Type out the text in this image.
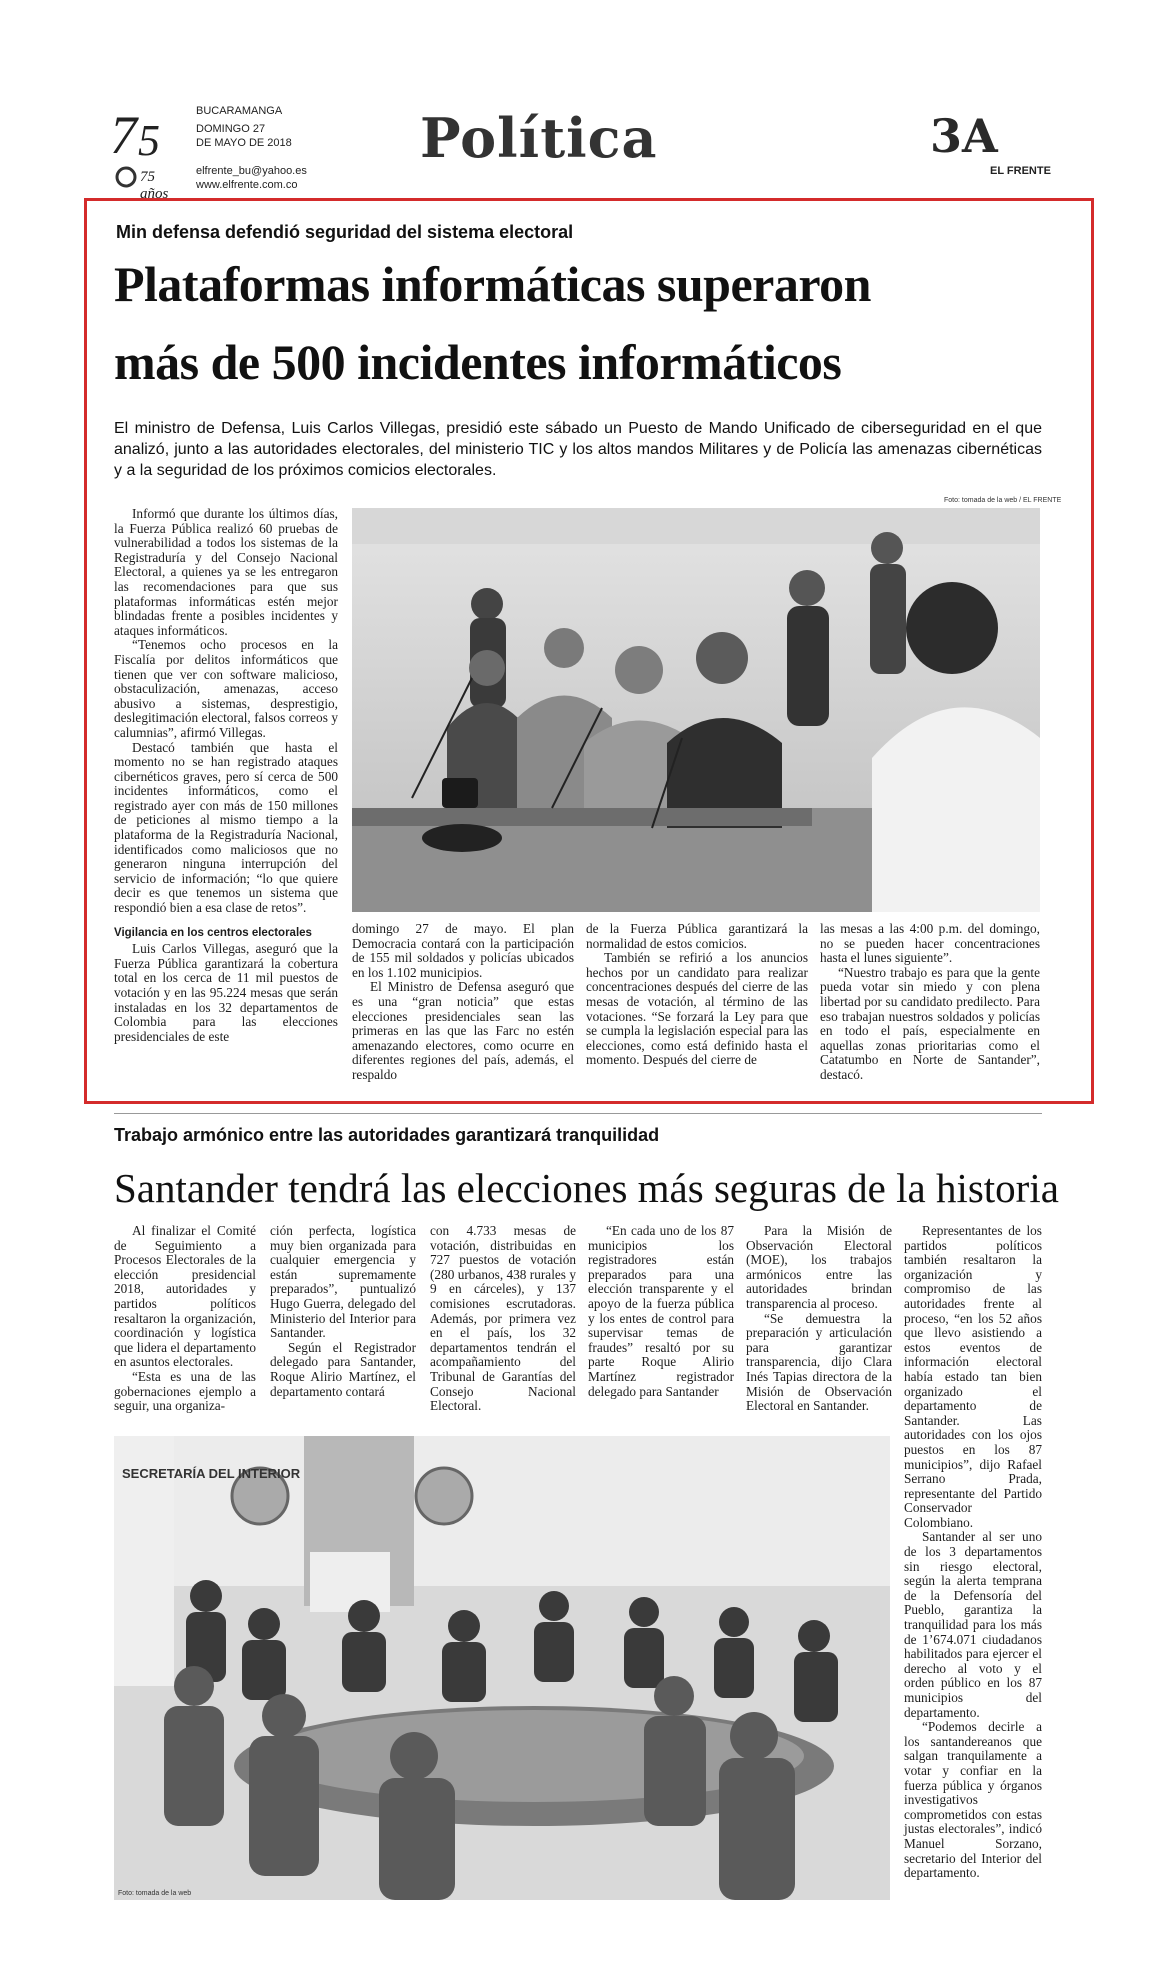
7 5
75 años
BUCARAMANGA
DOMINGO 27
DE MAYO DE 2018
elfrente_bu@yahoo.es
www.elfrente.com.co
Política	3A
EL FRENTE
Min defensa defendió seguridad del sistema electoral
Plataformas informáticas superaron
más de 500 incidentes informáticos
El ministro de Defensa, Luis Carlos Villegas, presidió este sábado un Puesto de Mando Unificado de ciberseguridad en el que analizó, junto a las autoridades electorales, del ministerio TIC y los altos mandos Militares y de Policía las amenazas cibernéticas y a la seguridad de los próximos comicios electorales.
Foto: tomada de la web / EL FRENTE

Informó que durante los últimos días, la Fuerza Pública realizó 60 pruebas de vulnerabilidad a todos los sistemas de la Registraduría y del Consejo Nacional Electoral, a quienes ya se les entregaron las recomendaciones para que sus plataformas informáticas estén mejor blindadas frente a posibles incidentes y ataques informáticos.

“Tenemos ocho procesos en la Fiscalía por delitos informáticos que tienen que ver con software malicioso, obstaculización, amenazas, acceso abusivo a sistemas, desprestigio, deslegitimación electoral, falsos correos y calumnias”, afirmó Villegas.

Destacó también que hasta el momento no se han registrado ataques cibernéticos graves, pero sí cerca de 500 incidentes informáticos, como el registrado ayer con más de 150 millones de peticiones al mismo tiempo a la plataforma de la Registraduría Nacional, identificados como maliciosos que no generaron ninguna interrupción del servicio de información; “lo que quiere decir es que tenemos un sistema que respondió bien a esa clase de retos”.

Vigilancia en los centros electorales

Luis Carlos Villegas, aseguró que la Fuerza Pública garantizará la cobertura total en los cerca de 11 mil puestos de votación y en las 95.224 mesas que serán instaladas en los 32 departamentos de Colombia para las elecciones presidenciales de este

domingo 27 de mayo. El plan Democracia contará con la participación de 155 mil soldados y policías ubicados en los 1.102 municipios.

El Ministro de Defensa aseguró que es una “gran noticia” que estas elecciones presidenciales sean las primeras en las que las Farc no estén amenazando electores, como ocurre en diferentes regiones del país, además, el respaldo

de la Fuerza Pública garantizará la normalidad de estos comicios.

También se refirió a los anuncios hechos por un candidato para realizar concentraciones después del cierre de las mesas de votación, al término de las votaciones. “Se forzará la Ley para que se cumpla la legislación especial para las elecciones, como está definido hasta el momento. Después del cierre de

las mesas a las 4:00 p.m. del domingo, no se pueden hacer concentraciones hasta el lunes siguiente”.

“Nuestro trabajo es para que la gente pueda votar sin miedo y con plena libertad por su candidato predilecto. Para eso trabajan nuestros soldados y policías en todo el país, especialmente en aquellas zonas prioritarias como el Catatumbo en Norte de Santander”, destacó.

Trabajo armónico entre las autoridades garantizará tranquilidad
Santander tendrá las elecciones más seguras de la historia

Al finalizar el Comité de Seguimiento a Procesos Electorales de la elección presidencial 2018, autoridades y partidos políticos resaltaron la organización, coordinación y logística que lidera el departamento en asuntos electorales.

“Esta es una de las gobernaciones ejemplo a seguir, una organiza-

ción perfecta, logística muy bien organizada para cualquier emergencia y están supremamente preparados”, puntualizó Hugo Guerra, delegado del Ministerio del Interior para Santander.

Según el Registrador delegado para Santander, Roque Alirio Martínez, el departamento contará

con 4.733 mesas de votación, distribuidas en 727 puestos de votación (280 urbanos, 438 rurales y 9 en cárceles), y 137 comisiones escrutadoras. Además, por primera vez en el país, los 32 departamentos tendrán el acompañamiento del Tribunal de Garantías del Consejo Nacional Electoral.

“En cada uno de los 87 municipios los registradores están preparados para una elección transparente y el apoyo de la fuerza pública y los entes de control para supervisar temas de fraudes” resaltó por su parte Roque Alirio Martínez registrador delegado para Santander

Para la Misión de Observación Electoral (MOE), los trabajos armónicos entre las autoridades brindan transparencia al proceso.

“Se demuestra la preparación y articulación para garantizar transparencia, dijo Clara Inés Tapias directora de la Misión de Observación Electoral en Santander.

Representantes de los partidos políticos también resaltaron la organización y compromiso de las autoridades frente al proceso, “en los 52 años que llevo asistiendo a estos eventos de información electoral había estado tan bien organizado el departamento de Santander. Las autoridades con los ojos puestos en los 87 municipios”, dijo Rafael Serrano Prada, representante del Partido Conservador Colombiano.

Santander al ser uno de los 3 departamentos sin riesgo electoral, según la alerta temprana de la Defensoría del Pueblo, garantiza la tranquilidad para los más de 1’674.071 ciudadanos habilitados para ejercer el derecho al voto y el orden público en los 87 municipios del departamento.

“Podemos decirle a los santandereanos que salgan tranquilamente a votar y confiar en la fuerza pública y órganos investigativos comprometidos con estas justas electorales”, indicó Manuel Sorzano, secretario del Interior del departamento.

SECRETARÍA DEL INTERIOR
Foto: tomada de la web
